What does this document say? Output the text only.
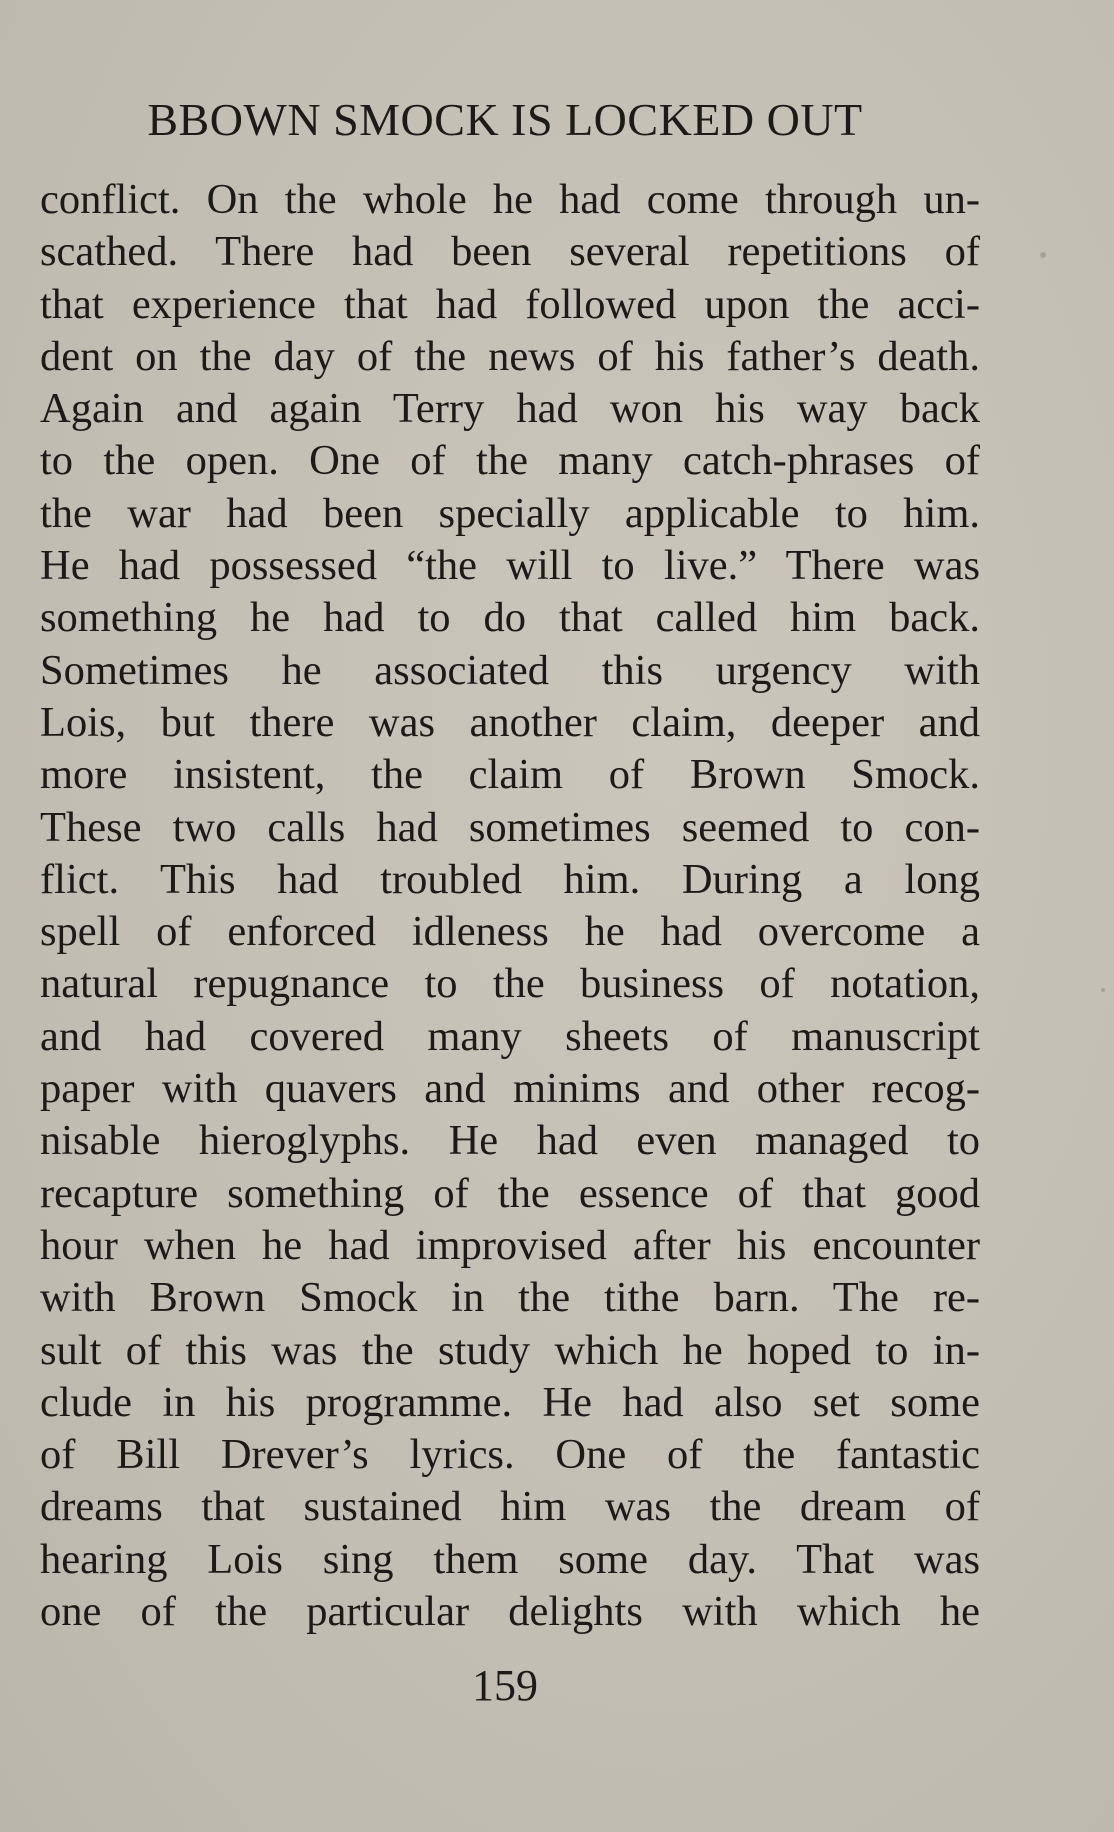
BBOWN SMOCK IS LOCKED OUT
conflict. On the whole he had come through un-
scathed. There had been several repetitions of
that experience that had followed upon the acci-
dent on the day of the news of his father’s death.
Again and again Terry had won his way back
to the open. One of the many catch-phrases of
the war had been specially applicable to him.
He had possessed “the will to live.” There was
something he had to do that called him back.
Sometimes he associated this urgency with
Lois, but there was another claim, deeper and
more insistent, the claim of Brown Smock.
These two calls had sometimes seemed to con-
flict. This had troubled him. During a long
spell of enforced idleness he had overcome a
natural repugnance to the business of notation,
and had covered many sheets of manuscript
paper with quavers and minims and other recog-
nisable hieroglyphs. He had even managed to
recapture something of the essence of that good
hour when he had improvised after his encounter
with Brown Smock in the tithe barn. The re-
sult of this was the study which he hoped to in-
clude in his programme. He had also set some
of Bill Drever’s lyrics. One of the fantastic
dreams that sustained him was the dream of
hearing Lois sing them some day. That was
one of the particular delights with which he
159
